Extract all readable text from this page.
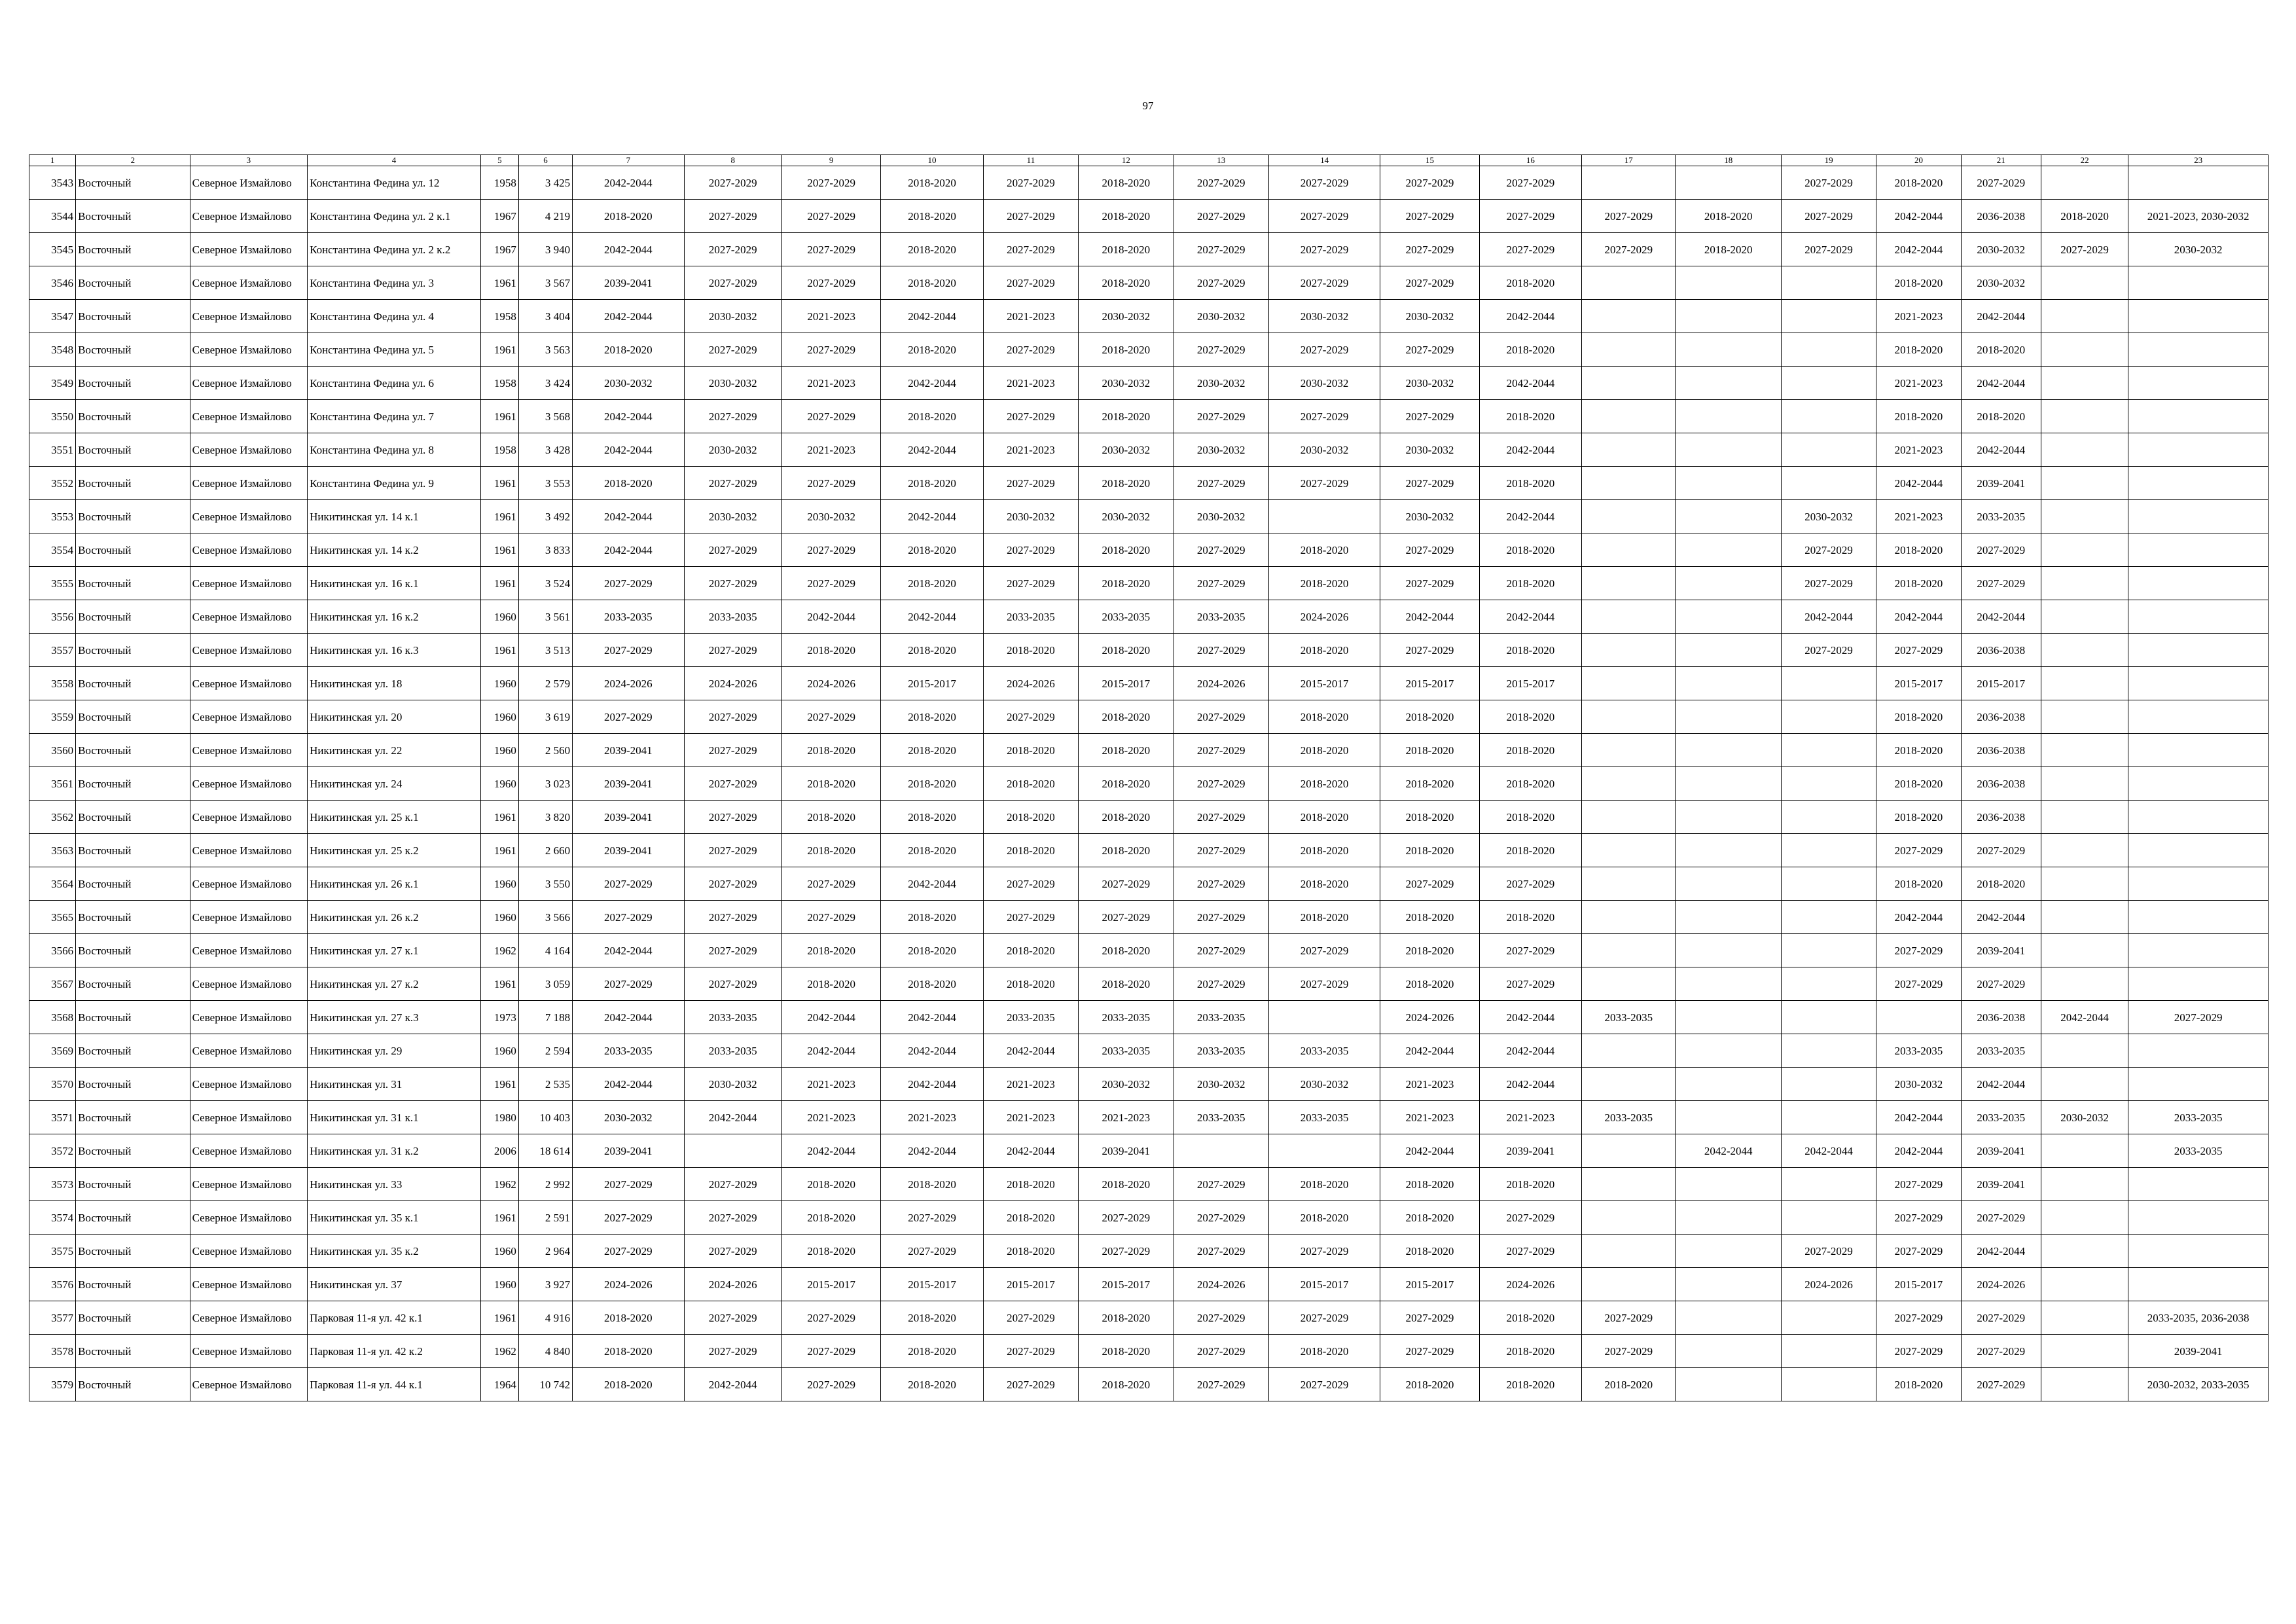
97
1	2	3	4	5	6	7	8	9	10	11	12	13	14	15	16	17	18	19	20	21	22	23
3543	Восточный	Северное Измайлово	Константина Федина ул. 12	1958	3 425	2042-2044	2027-2029	2027-2029	2018-2020	2027-2029	2018-2020	2027-2029	2027-2029	2027-2029	2027-2029			2027-2029	2018-2020	2027-2029		
3544	Восточный	Северное Измайлово	Константина Федина ул. 2 к.1	1967	4 219	2018-2020	2027-2029	2027-2029	2018-2020	2027-2029	2018-2020	2027-2029	2027-2029	2027-2029	2027-2029	2027-2029	2018-2020	2027-2029	2042-2044	2036-2038	2018-2020	2021-2023, 2030-2032
3545	Восточный	Северное Измайлово	Константина Федина ул. 2 к.2	1967	3 940	2042-2044	2027-2029	2027-2029	2018-2020	2027-2029	2018-2020	2027-2029	2027-2029	2027-2029	2027-2029	2027-2029	2018-2020	2027-2029	2042-2044	2030-2032	2027-2029	2030-2032
3546	Восточный	Северное Измайлово	Константина Федина ул. 3	1961	3 567	2039-2041	2027-2029	2027-2029	2018-2020	2027-2029	2018-2020	2027-2029	2027-2029	2027-2029	2018-2020				2018-2020	2030-2032		
3547	Восточный	Северное Измайлово	Константина Федина ул. 4	1958	3 404	2042-2044	2030-2032	2021-2023	2042-2044	2021-2023	2030-2032	2030-2032	2030-2032	2030-2032	2042-2044				2021-2023	2042-2044		
3548	Восточный	Северное Измайлово	Константина Федина ул. 5	1961	3 563	2018-2020	2027-2029	2027-2029	2018-2020	2027-2029	2018-2020	2027-2029	2027-2029	2027-2029	2018-2020				2018-2020	2018-2020		
3549	Восточный	Северное Измайлово	Константина Федина ул. 6	1958	3 424	2030-2032	2030-2032	2021-2023	2042-2044	2021-2023	2030-2032	2030-2032	2030-2032	2030-2032	2042-2044				2021-2023	2042-2044		
3550	Восточный	Северное Измайлово	Константина Федина ул. 7	1961	3 568	2042-2044	2027-2029	2027-2029	2018-2020	2027-2029	2018-2020	2027-2029	2027-2029	2027-2029	2018-2020				2018-2020	2018-2020		
3551	Восточный	Северное Измайлово	Константина Федина ул. 8	1958	3 428	2042-2044	2030-2032	2021-2023	2042-2044	2021-2023	2030-2032	2030-2032	2030-2032	2030-2032	2042-2044				2021-2023	2042-2044		
3552	Восточный	Северное Измайлово	Константина Федина ул. 9	1961	3 553	2018-2020	2027-2029	2027-2029	2018-2020	2027-2029	2018-2020	2027-2029	2027-2029	2027-2029	2018-2020				2042-2044	2039-2041		
3553	Восточный	Северное Измайлово	Никитинская ул. 14 к.1	1961	3 492	2042-2044	2030-2032	2030-2032	2042-2044	2030-2032	2030-2032	2030-2032		2030-2032	2042-2044			2030-2032	2021-2023	2033-2035		
3554	Восточный	Северное Измайлово	Никитинская ул. 14 к.2	1961	3 833	2042-2044	2027-2029	2027-2029	2018-2020	2027-2029	2018-2020	2027-2029	2018-2020	2027-2029	2018-2020			2027-2029	2018-2020	2027-2029		
3555	Восточный	Северное Измайлово	Никитинская ул. 16 к.1	1961	3 524	2027-2029	2027-2029	2027-2029	2018-2020	2027-2029	2018-2020	2027-2029	2018-2020	2027-2029	2018-2020			2027-2029	2018-2020	2027-2029		
3556	Восточный	Северное Измайлово	Никитинская ул. 16 к.2	1960	3 561	2033-2035	2033-2035	2042-2044	2042-2044	2033-2035	2033-2035	2033-2035	2024-2026	2042-2044	2042-2044			2042-2044	2042-2044	2042-2044		
3557	Восточный	Северное Измайлово	Никитинская ул. 16 к.3	1961	3 513	2027-2029	2027-2029	2018-2020	2018-2020	2018-2020	2018-2020	2027-2029	2018-2020	2027-2029	2018-2020			2027-2029	2027-2029	2036-2038		
3558	Восточный	Северное Измайлово	Никитинская ул. 18	1960	2 579	2024-2026	2024-2026	2024-2026	2015-2017	2024-2026	2015-2017	2024-2026	2015-2017	2015-2017	2015-2017				2015-2017	2015-2017		
3559	Восточный	Северное Измайлово	Никитинская ул. 20	1960	3 619	2027-2029	2027-2029	2027-2029	2018-2020	2027-2029	2018-2020	2027-2029	2018-2020	2018-2020	2018-2020				2018-2020	2036-2038		
3560	Восточный	Северное Измайлово	Никитинская ул. 22	1960	2 560	2039-2041	2027-2029	2018-2020	2018-2020	2018-2020	2018-2020	2027-2029	2018-2020	2018-2020	2018-2020				2018-2020	2036-2038		
3561	Восточный	Северное Измайлово	Никитинская ул. 24	1960	3 023	2039-2041	2027-2029	2018-2020	2018-2020	2018-2020	2018-2020	2027-2029	2018-2020	2018-2020	2018-2020				2018-2020	2036-2038		
3562	Восточный	Северное Измайлово	Никитинская ул. 25 к.1	1961	3 820	2039-2041	2027-2029	2018-2020	2018-2020	2018-2020	2018-2020	2027-2029	2018-2020	2018-2020	2018-2020				2018-2020	2036-2038		
3563	Восточный	Северное Измайлово	Никитинская ул. 25 к.2	1961	2 660	2039-2041	2027-2029	2018-2020	2018-2020	2018-2020	2018-2020	2027-2029	2018-2020	2018-2020	2018-2020				2027-2029	2027-2029		
3564	Восточный	Северное Измайлово	Никитинская ул. 26 к.1	1960	3 550	2027-2029	2027-2029	2027-2029	2042-2044	2027-2029	2027-2029	2027-2029	2018-2020	2027-2029	2027-2029				2018-2020	2018-2020		
3565	Восточный	Северное Измайлово	Никитинская ул. 26 к.2	1960	3 566	2027-2029	2027-2029	2027-2029	2018-2020	2027-2029	2027-2029	2027-2029	2018-2020	2018-2020	2018-2020				2042-2044	2042-2044		
3566	Восточный	Северное Измайлово	Никитинская ул. 27 к.1	1962	4 164	2042-2044	2027-2029	2018-2020	2018-2020	2018-2020	2018-2020	2027-2029	2027-2029	2018-2020	2027-2029				2027-2029	2039-2041		
3567	Восточный	Северное Измайлово	Никитинская ул. 27 к.2	1961	3 059	2027-2029	2027-2029	2018-2020	2018-2020	2018-2020	2018-2020	2027-2029	2027-2029	2018-2020	2027-2029				2027-2029	2027-2029		
3568	Восточный	Северное Измайлово	Никитинская ул. 27 к.3	1973	7 188	2042-2044	2033-2035	2042-2044	2042-2044	2033-2035	2033-2035	2033-2035		2024-2026	2042-2044	2033-2035				2036-2038	2042-2044	2027-2029
3569	Восточный	Северное Измайлово	Никитинская ул. 29	1960	2 594	2033-2035	2033-2035	2042-2044	2042-2044	2042-2044	2033-2035	2033-2035	2033-2035	2042-2044	2042-2044				2033-2035	2033-2035		
3570	Восточный	Северное Измайлово	Никитинская ул. 31	1961	2 535	2042-2044	2030-2032	2021-2023	2042-2044	2021-2023	2030-2032	2030-2032	2030-2032	2021-2023	2042-2044				2030-2032	2042-2044		
3571	Восточный	Северное Измайлово	Никитинская ул. 31 к.1	1980	10 403	2030-2032	2042-2044	2021-2023	2021-2023	2021-2023	2021-2023	2033-2035	2033-2035	2021-2023	2021-2023	2033-2035			2042-2044	2033-2035	2030-2032	2033-2035
3572	Восточный	Северное Измайлово	Никитинская ул. 31 к.2	2006	18 614	2039-2041		2042-2044	2042-2044	2042-2044	2039-2041			2042-2044	2039-2041		2042-2044	2042-2044	2042-2044	2039-2041		2033-2035
3573	Восточный	Северное Измайлово	Никитинская ул. 33	1962	2 992	2027-2029	2027-2029	2018-2020	2018-2020	2018-2020	2018-2020	2027-2029	2018-2020	2018-2020	2018-2020				2027-2029	2039-2041		
3574	Восточный	Северное Измайлово	Никитинская ул. 35 к.1	1961	2 591	2027-2029	2027-2029	2018-2020	2027-2029	2018-2020	2027-2029	2027-2029	2018-2020	2018-2020	2027-2029				2027-2029	2027-2029		
3575	Восточный	Северное Измайлово	Никитинская ул. 35 к.2	1960	2 964	2027-2029	2027-2029	2018-2020	2027-2029	2018-2020	2027-2029	2027-2029	2027-2029	2018-2020	2027-2029			2027-2029	2027-2029	2042-2044		
3576	Восточный	Северное Измайлово	Никитинская ул. 37	1960	3 927	2024-2026	2024-2026	2015-2017	2015-2017	2015-2017	2015-2017	2024-2026	2015-2017	2015-2017	2024-2026			2024-2026	2015-2017	2024-2026		
3577	Восточный	Северное Измайлово	Парковая 11-я ул. 42 к.1	1961	4 916	2018-2020	2027-2029	2027-2029	2018-2020	2027-2029	2018-2020	2027-2029	2027-2029	2027-2029	2018-2020	2027-2029			2027-2029	2027-2029		2033-2035, 2036-2038
3578	Восточный	Северное Измайлово	Парковая 11-я ул. 42 к.2	1962	4 840	2018-2020	2027-2029	2027-2029	2018-2020	2027-2029	2018-2020	2027-2029	2018-2020	2027-2029	2018-2020	2027-2029			2027-2029	2027-2029		2039-2041
3579	Восточный	Северное Измайлово	Парковая 11-я ул. 44 к.1	1964	10 742	2018-2020	2042-2044	2027-2029	2018-2020	2027-2029	2018-2020	2027-2029	2027-2029	2018-2020	2018-2020	2018-2020			2018-2020	2027-2029		2030-2032, 2033-2035
